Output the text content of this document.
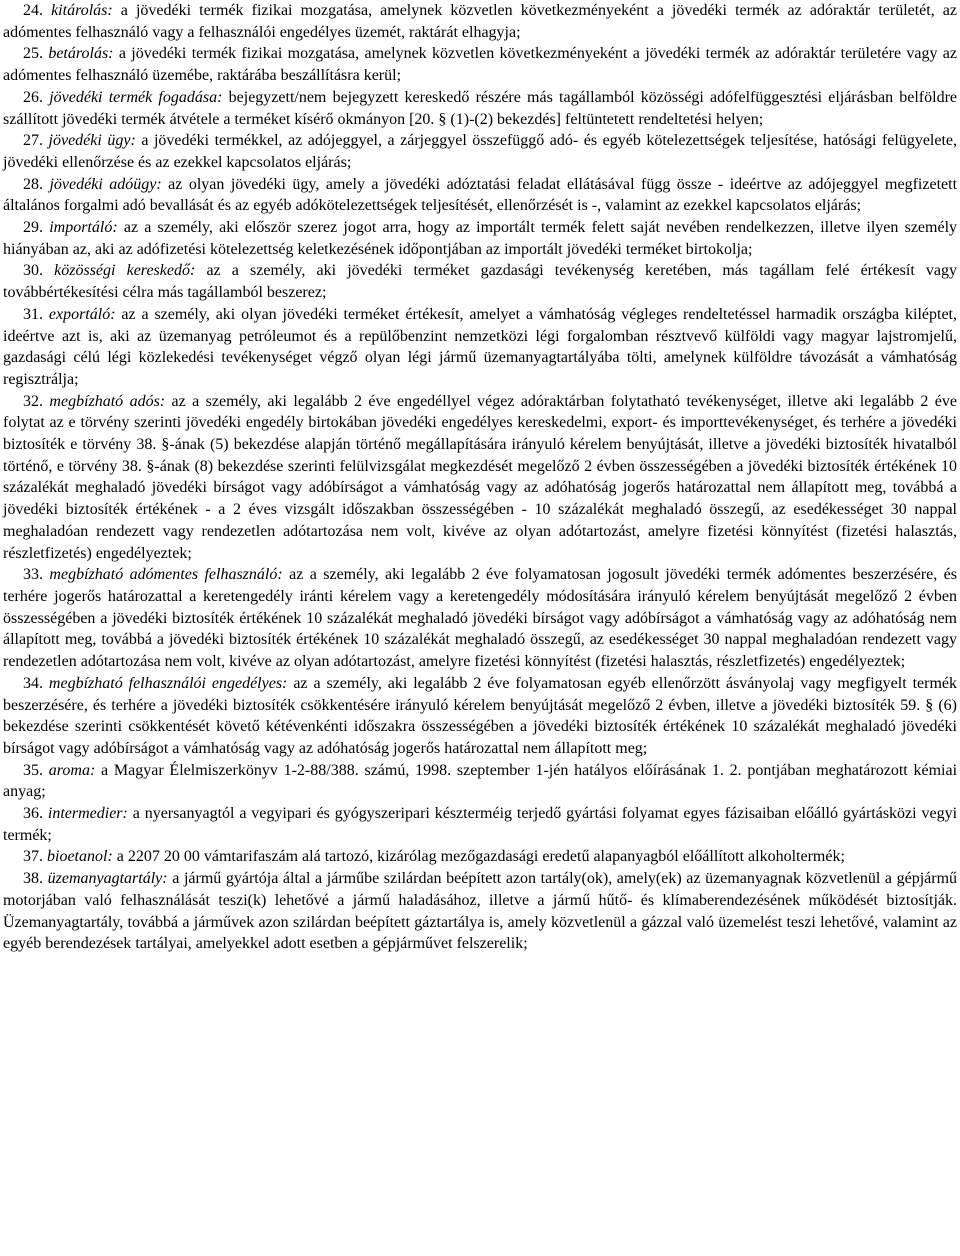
24. kitárolás: a jövedéki termék fizikai mozgatása, amelynek közvetlen következményeként a jövedéki termék az adóraktár területét, az adómentes felhasználó vagy a felhasználói engedélyes üzemét, raktárát elhagyja;

25. betárolás: a jövedéki termék fizikai mozgatása, amelynek közvetlen következményeként a jövedéki termék az adóraktár területére vagy az adómentes felhasználó üzemébe, raktárába beszállításra kerül;

26. jövedéki termék fogadása: bejegyzett/nem bejegyzett kereskedő részére más tagállamból közösségi adófelfüggesztési eljárásban belföldre szállított jövedéki termék átvétele a terméket kísérő okmányon [20. § (1)-(2) bekezdés] feltüntetett rendeltetési helyen;

27. jövedéki ügy: a jövedéki termékkel, az adójeggyel, a zárjeggyel összefüggő adó- és egyéb kötelezettségek teljesítése, hatósági felügyelete, jövedéki ellenőrzése és az ezekkel kapcsolatos eljárás;

28. jövedéki adóügy: az olyan jövedéki ügy, amely a jövedéki adóztatási feladat ellátásával függ össze - ideértve az adójeggyel megfizetett általános forgalmi adó bevallását és az egyéb adókötelezettségek teljesítését, ellenőrzését is -, valamint az ezekkel kapcsolatos eljárás;

29. importáló: az a személy, aki először szerez jogot arra, hogy az importált termék felett saját nevében rendelkezzen, illetve ilyen személy hiányában az, aki az adófizetési kötelezettség keletkezésének időpontjában az importált jövedéki terméket birtokolja;

30. közösségi kereskedő: az a személy, aki jövedéki terméket gazdasági tevékenység keretében, más tagállam felé értékesít vagy továbbértékesítési célra más tagállamból beszerez;

31. exportáló: az a személy, aki olyan jövedéki terméket értékesít, amelyet a vámhatóság végleges rendeltetéssel harmadik országba kiléptet, ideértve azt is, aki az üzemanyag petróleumot és a repülőbenzint nemzetközi légi forgalomban résztvevő külföldi vagy magyar lajstromjelű, gazdasági célú légi közlekedési tevékenységet végző olyan légi jármű üzemanyagtartályába tölti, amelynek külföldre távozását a vámhatóság regisztrálja;

32. megbízható adós: az a személy, aki legalább 2 éve engedéllyel végez adóraktárban folytatható tevékenységet, illetve aki legalább 2 éve folytat az e törvény szerinti jövedéki engedély birtokában jövedéki engedélyes kereskedelmi, export- és importtevékenységet, és terhére a jövedéki biztosíték e törvény 38. §-ának (5) bekezdése alapján történő megállapítására irányuló kérelem benyújtását, illetve a jövedéki biztosíték hivatalból történő, e törvény 38. §-ának (8) bekezdése szerinti felülvizsgálat megkezdését megelőző 2 évben összességében a jövedéki biztosíték értékének 10 százalékát meghaladó jövedéki bírságot vagy adóbírságot a vámhatóság vagy az adóhatóság jogerős határozattal nem állapított meg, továbbá a jövedéki biztosíték értékének - a 2 éves vizsgált időszakban összességében - 10 százalékát meghaladó összegű, az esedékességet 30 nappal meghaladóan rendezett vagy rendezetlen adótartozása nem volt, kivéve az olyan adótartozást, amelyre fizetési könnyítést (fizetési halasztás, részletfizetés) engedélyeztek;

33. megbízható adómentes felhasználó: az a személy, aki legalább 2 éve folyamatosan jogosult jövedéki termék adómentes beszerzésére, és terhére jogerős határozattal a keretengedély iránti kérelem vagy a keretengedély módosítására irányuló kérelem benyújtását megelőző 2 évben összességében a jövedéki biztosíték értékének 10 százalékát meghaladó jövedéki bírságot vagy adóbírságot a vámhatóság vagy az adóhatóság nem állapított meg, továbbá a jövedéki biztosíték értékének 10 százalékát meghaladó összegű, az esedékességet 30 nappal meghaladóan rendezett vagy rendezetlen adótartozása nem volt, kivéve az olyan adótartozást, amelyre fizetési könnyítést (fizetési halasztás, részletfizetés) engedélyeztek;

34. megbízható felhasználói engedélyes: az a személy, aki legalább 2 éve folyamatosan egyéb ellenőrzött ásványolaj vagy megfigyelt termék beszerzésére, és terhére a jövedéki biztosíték csökkentésére irányuló kérelem benyújtását megelőző 2 évben, illetve a jövedéki biztosíték 59. § (6) bekezdése szerinti csökkentését követő kétévenkénti időszakra összességében a jövedéki biztosíték értékének 10 százalékát meghaladó jövedéki bírságot vagy adóbírságot a vámhatóság vagy az adóhatóság jogerős határozattal nem állapított meg;

35. aroma: a Magyar Élelmiszerkönyv 1-2-88/388. számú, 1998. szeptember 1-jén hatályos előírásának 1. 2. pontjában meghatározott kémiai anyag;

36. intermedier: a nyersanyagtól a vegyipari és gyógyszeripari készterméig terjedő gyártási folyamat egyes fázisaiban előálló gyártásközi vegyi termék;

37. bioetanol: a 2207 20 00 vámtarifaszám alá tartozó, kizárólag mezőgazdasági eredetű alapanyagból előállított alkoholtermék;

38. üzemanyagtartály: a jármű gyártója által a járműbe szilárdan beépített azon tartály(ok), amely(ek) az üzemanyagnak közvetlenül a gépjármű motorjában való felhasználását teszi(k) lehetővé a jármű haladásához, illetve a jármű hűtő- és klímaberendezésének működését biztosítják. Üzemanyagtartály, továbbá a járművek azon szilárdan beépített gáztartálya is, amely közvetlenül a gázzal való üzemelést teszi lehetővé, valamint az egyéb berendezések tartályai, amelyekkel adott esetben a gépjárművet felszerelik;
